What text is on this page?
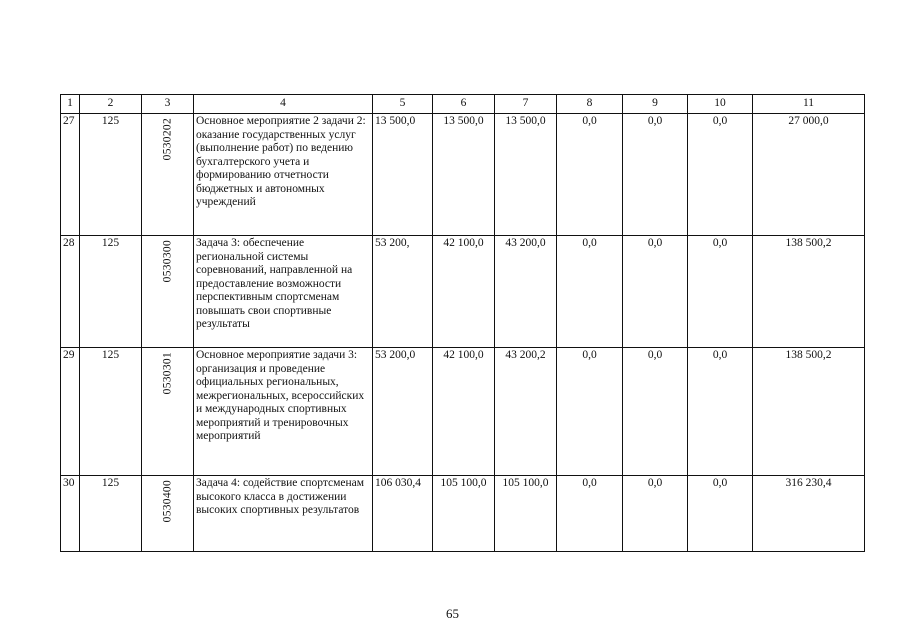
1	2	3	4	5	6	7	8	9	10	11
27	125	0530202	Основное мероприятие 2 задачи 2: оказание государственных услуг (выполнение работ) по ведению бухгалтерского учета и формированию отчетности бюджетных и автономных учреждений	13 500,0	13 500,0	13 500,0	0,0	0,0	0,0	27 000,0
28	125	0530300	Задача 3: обеспечение региональной системы соревнований, направленной на предоставление возможности перспективным спортсменам повышать свои спортивные результаты	53 200,	42 100,0	43 200,0	0,0	0,0	0,0	138 500,2
29	125	0530301	Основное мероприятие задачи 3: организация и проведение официальных региональных, межрегиональных, всероссийских и международных спортивных мероприятий и тренировочных мероприятий	53 200,0	42 100,0	43 200,2	0,0	0,0	0,0	138 500,2
30	125	0530400	Задача 4: содействие спортсменам высокого класса в достижении высоких спортивных результатов	106 030,4	105 100,0	105 100,0	0,0	0,0	0,0	316 230,4
65
